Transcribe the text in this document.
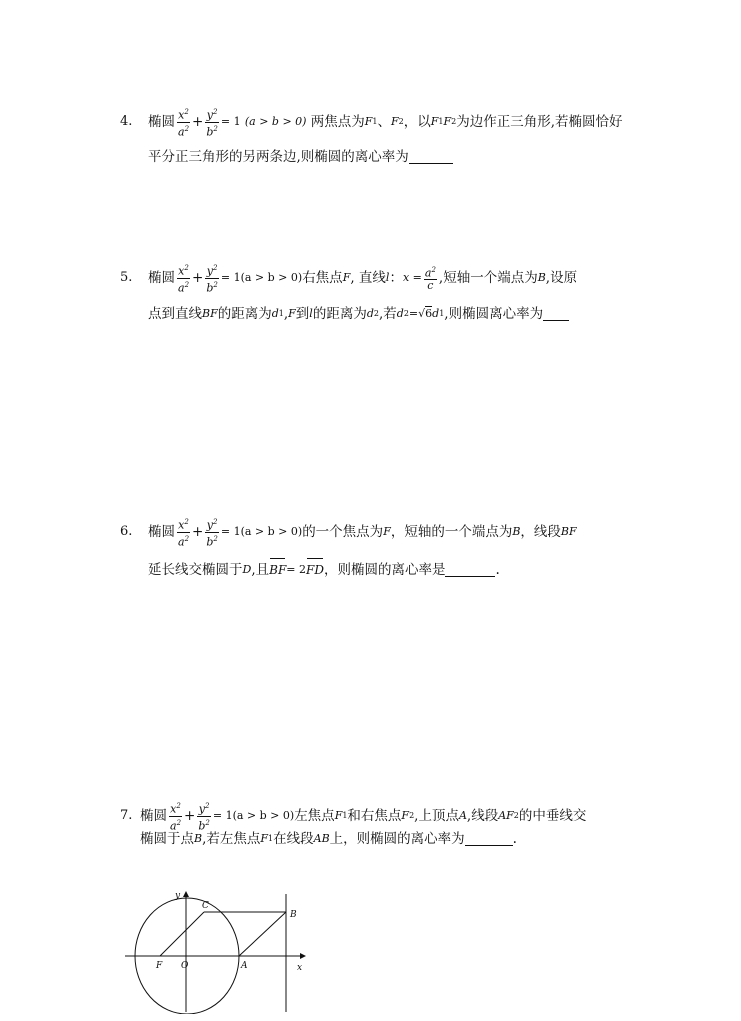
4.	椭圆 $\frac{x^2}{a^2} + \frac{y^2}{b^2} = 1$
(a > b > 0)
两焦点为 F 1 、 F 2 ，以 F 1 F 2 为边作正三角形,若椭圆恰好
平分正三角形的另两条边,则椭圆的离心率为
5.	椭圆 $\frac{x^2}{a^2} + \frac{y^2}{b^2} = 1(a > b > 0)$ 右焦点 F , 直线 l ： $x = \frac{a^2}{c}$ ,短轴一个端点为 B ,设原
点到直线 BF 的距离为 d 1 , F 到 l 的距离为 d 2 ,若 d 2 = √6 d 1 ,则椭圆离心率为
6.	椭圆 $\frac{x^2}{a^2} + \frac{y^2}{b^2} = 1(a > b > 0)$ 的一个焦点为 F ，短轴的一个端点为 B ，线段 BF
延长线交椭圆于 D ,且 BF = 2 FD ，则椭圆的离心率是	.
7. 椭圆 $\frac{x^2}{a^2} + \frac{y^2}{b^2} = 1(a > b > 0)$ 左焦点 F 1 和右焦点 F 2 ,上顶点 A ,线段 AF 2 的中垂线交
椭圆于点 B ,若左焦点 F 1 在线段 AB 上，则椭圆的离心率为	.
y
x
C
B
F O	A
